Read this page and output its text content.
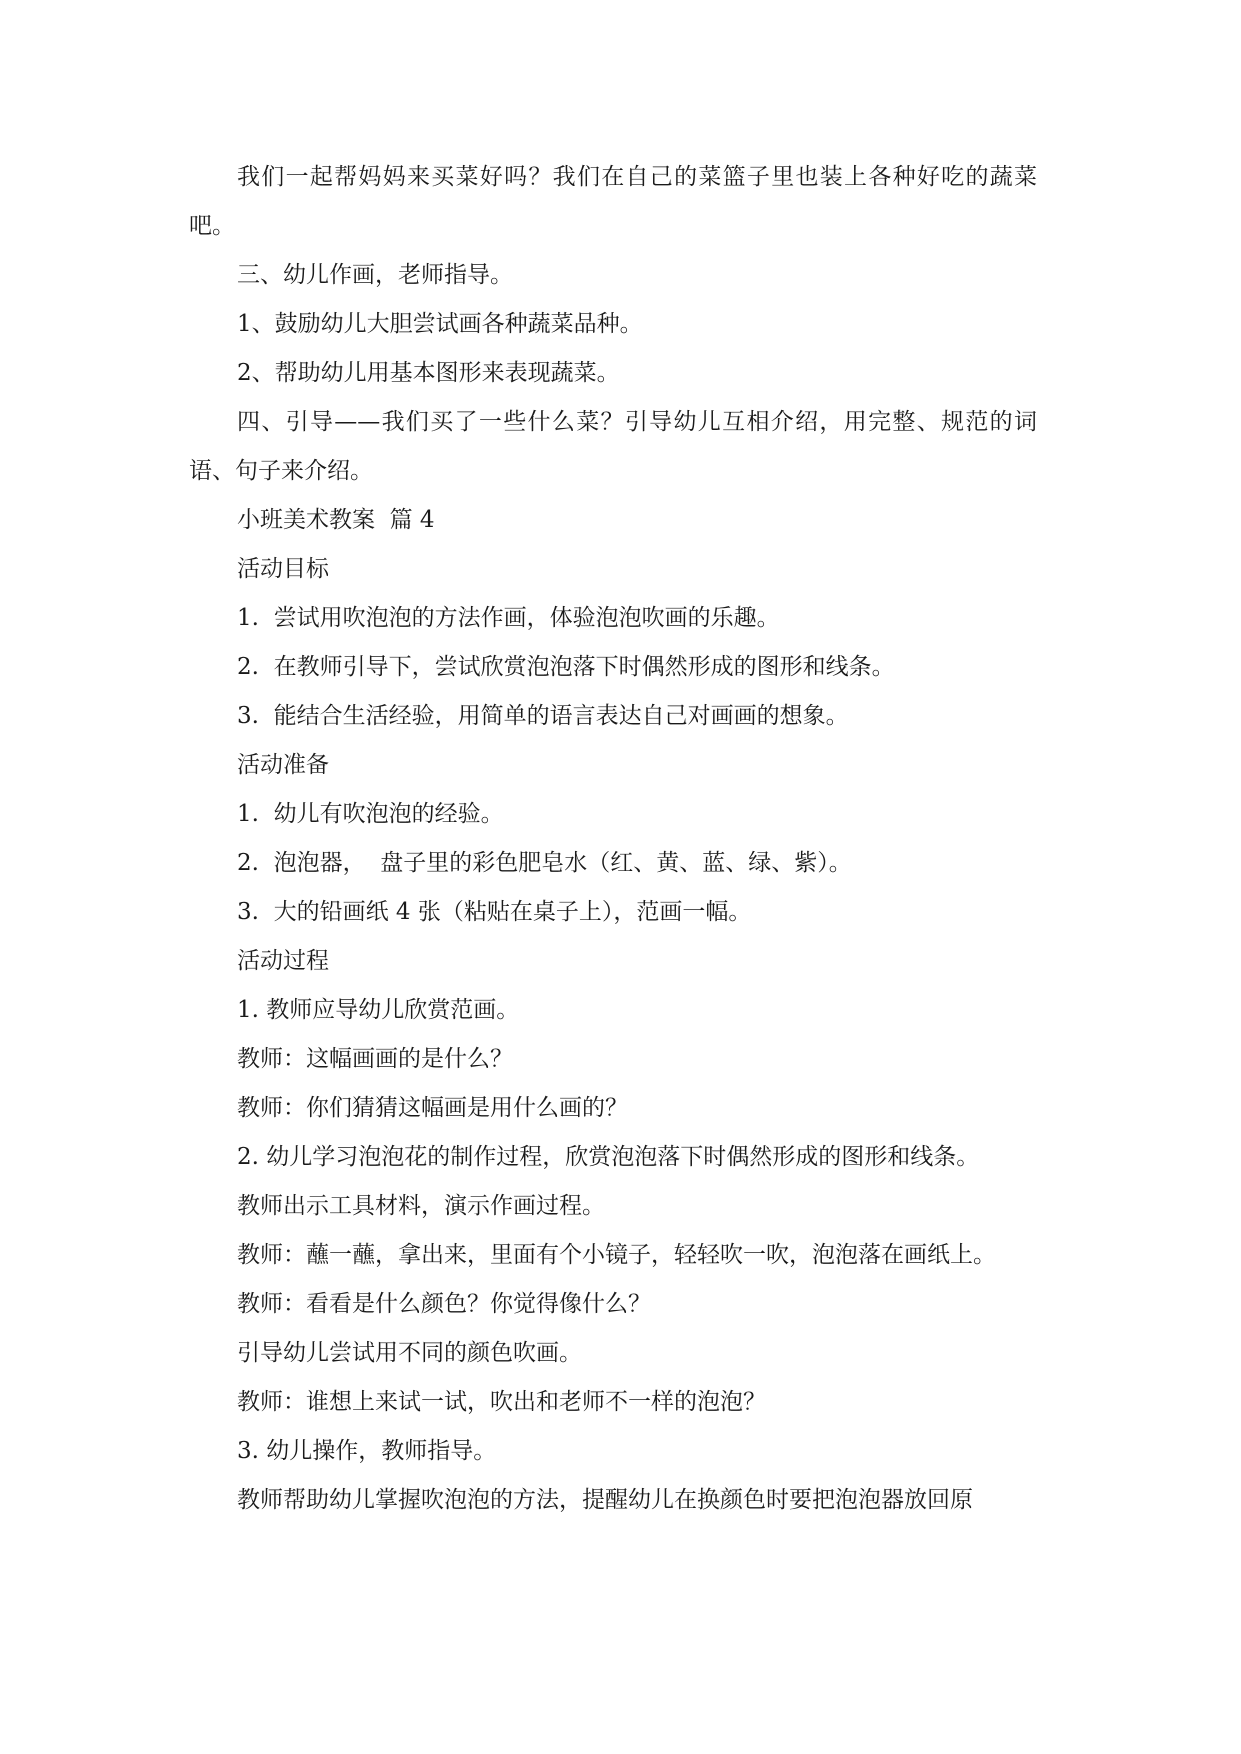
我们一起帮妈妈来买菜好吗？我们在自己的菜篮子里也装上各种好吃的蔬菜吧。

三、幼儿作画，老师指导。

1、鼓励幼儿大胆尝试画各种蔬菜品种。

2、帮助幼儿用基本图形来表现蔬菜。

四、引导——我们买了一些什么菜？引导幼儿互相介绍，用完整、规范的词语、句子来介绍。

小班美术教案  篇 4

活动目标

1.  尝试用吹泡泡的方法作画，体验泡泡吹画的乐趣。

2.  在教师引导下，尝试欣赏泡泡落下时偶然形成的图形和线条。

3.  能结合生活经验，用简单的语言表达自己对画画的想象。

活动准备

1.  幼儿有吹泡泡的经验。

2.  泡泡器，  盘子里的彩色肥皂水（红、黄、蓝、绿、紫）。

3.  大的铅画纸 4 张（粘贴在桌子上），范画一幅。

活动过程

1. 教师应导幼儿欣赏范画。

教师：这幅画画的是什么？

教师：你们猜猜这幅画是用什么画的？

2. 幼儿学习泡泡花的制作过程，欣赏泡泡落下时偶然形成的图形和线条。

教师出示工具材料，演示作画过程。

教师：蘸一蘸，拿出来，里面有个小镜子，轻轻吹一吹，泡泡落在画纸上。

教师：看看是什么颜色？你觉得像什么？

引导幼儿尝试用不同的颜色吹画。

教师：谁想上来试一试，吹出和老师不一样的泡泡？

3. 幼儿操作，教师指导。

教师帮助幼儿掌握吹泡泡的方法，提醒幼儿在换颜色时要把泡泡器放回原
